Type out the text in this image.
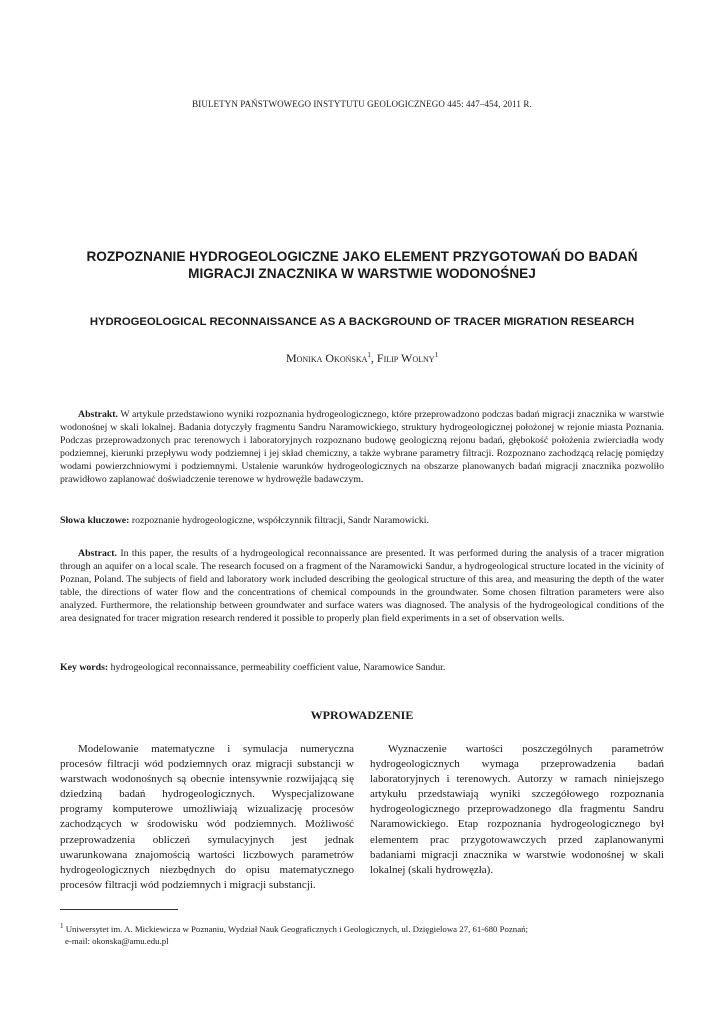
BIULETYN PAŃSTWOWEGO INSTYTUTU GEOLOGICZNEGO 445: 447–454, 2011 R.
ROZPOZNANIE HYDROGEOLOGICZNE JAKO ELEMENT PRZYGOTOWAŃ DO BADAŃ
MIGRACJI ZNACZNIKA W WARSTWIE WODONOŚNEJ
HYDROGEOLOGICAL RECONNAISSANCE AS A BACKGROUND OF TRACER MIGRATION RESEARCH
Monika Okońska$^1$, Filip Wolny$^1$

Abstrakt. W artykule przedstawiono wyniki rozpoznania hydrogeologicznego, które przeprowadzono podczas badań migracji znacznika w warstwie wodonośnej w skali lokalnej. Badania dotyczyły fragmentu Sandru Naramowickiego, struktury hydrogeologicznej położonej w rejonie miasta Poznania. Podczas przeprowadzonych prac terenowych i laboratoryjnych rozpoznano budowę geologiczną rejonu badań, głębokość położenia zwierciadła wody podziemnej, kierunki przepływu wody podziemnej i jej skład chemiczny, a także wybrane parametry filtracji. Rozpoznano zachodzącą relację pomiędzy wodami powierzchniowymi i podziemnymi. Ustalenie warunków hydrogeologicznych na obszarze planowanych badań migracji znacznika pozwoliło prawidłowo zaplanować doświadczenie terenowe w hydrowęźle badawczym.

Słowa kluczowe: rozpoznanie hydrogeologiczne, współczynnik filtracji, Sandr Naramowicki.

Abstract. In this paper, the results of a hydrogeological reconnaissance are presented. It was performed during the analysis of a tracer migration through an aquifer on a local scale. The research focused on a fragment of the Naramowicki Sandur, a hydrogeological structure located in the vicinity of Poznan, Poland. The subjects of field and laboratory work included describing the geological structure of this area, and measuring the depth of the water table, the directions of water flow and the concentrations of chemical compounds in the groundwater. Some chosen filtration parameters were also analyzed. Furthermore, the relationship between groundwater and surface waters was diagnosed. The analysis of the hydrogeological conditions of the area designated for tracer migration research rendered it possible to properly plan field experiments in a set of observation wells.

Key words: hydrogeological reconnaissance, permeability coefficient value, Naramowice Sandur.

WPROWADZENIE

Modelowanie matematyczne i symulacja numeryczna procesów filtracji wód podziemnych oraz migracji substancji w warstwach wodonośnych są obecnie intensywnie rozwijającą się dziedziną badań hydrogeologicznych. Wyspecjalizowane programy komputerowe umożliwiają wizualizację procesów zachodzących w środowisku wód podziemnych. Możliwość przeprowadzenia obliczeń symulacyjnych jest jednak uwarunkowana znajomością wartości liczbowych parametrów hydrogeologicznych niezbędnych do opisu matematycznego procesów filtracji wód podziemnych i migracji substancji.

Wyznaczenie wartości poszczególnych parametrów hydrogeologicznych wymaga przeprowadzenia badań laboratoryjnych i terenowych. Autorzy w ramach niniejszego artykułu przedstawiają wyniki szczegółowego rozpoznania hydrogeologicznego przeprowadzonego dla fragmentu Sandru Naramowickiego. Etap rozpoznania hydrogeologicznego był elementem prac przygotowawczych przed zaplanowanymi badaniami migracji znacznika w warstwie wodonośnej w skali lokalnej (skali hydrowęzła).

$^1$ Uniwersytet im. A. Mickiewicza w Poznaniu, Wydział Nauk Geograficznych i Geologicznych, ul. Dzięgielowa 27, 61-680 Poznań;

e-mail: okonska@amu.edu.pl
